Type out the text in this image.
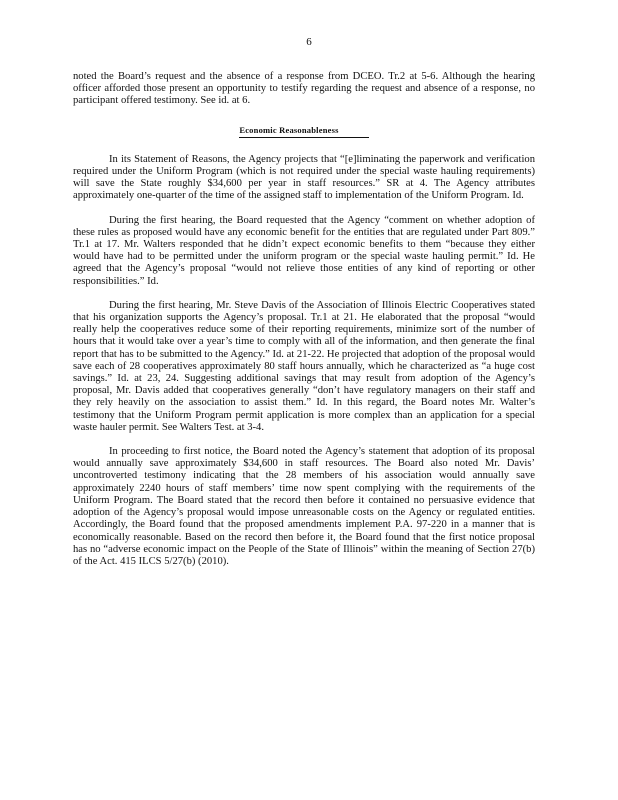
6

noted the Board’s request and the absence of a response from DCEO. Tr.2 at 5-6. Although the hearing officer afforded those present an opportunity to testify regarding the request and absence of a response, no participant offered testimony. See id. at 6.

Economic Reasonableness

In its Statement of Reasons, the Agency projects that “[e]liminating the paperwork and verification required under the Uniform Program (which is not required under the special waste hauling requirements) will save the State roughly $34,600 per year in staff resources.” SR at 4. The Agency attributes approximately one-quarter of the time of the assigned staff to implementation of the Uniform Program. Id.

During the first hearing, the Board requested that the Agency “comment on whether adoption of these rules as proposed would have any economic benefit for the entities that are regulated under Part 809.” Tr.1 at 17. Mr. Walters responded that he didn’t expect economic benefits to them “because they either would have had to be permitted under the uniform program or the special waste hauling permit.” Id. He agreed that the Agency’s proposal “would not relieve those entities of any kind of reporting or other responsibilities.” Id.

During the first hearing, Mr. Steve Davis of the Association of Illinois Electric Cooperatives stated that his organization supports the Agency’s proposal. Tr.1 at 21. He elaborated that the proposal “would really help the cooperatives reduce some of their reporting requirements, minimize sort of the number of hours that it would take over a year’s time to comply with all of the information, and then generate the final report that has to be submitted to the Agency.” Id. at 21-22. He projected that adoption of the proposal would save each of 28 cooperatives approximately 80 staff hours annually, which he characterized as “a huge cost savings.” Id. at 23, 24. Suggesting additional savings that may result from adoption of the Agency’s proposal, Mr. Davis added that cooperatives generally “don’t have regulatory managers on their staff and they rely heavily on the association to assist them.” Id. In this regard, the Board notes Mr. Walter’s testimony that the Uniform Program permit application is more complex than an application for a special waste hauler permit. See Walters Test. at 3-4.

In proceeding to first notice, the Board noted the Agency’s statement that adoption of its proposal would annually save approximately $34,600 in staff resources. The Board also noted Mr. Davis’ uncontroverted testimony indicating that the 28 members of his association would annually save approximately 2240 hours of staff members’ time now spent complying with the requirements of the Uniform Program. The Board stated that the record then before it contained no persuasive evidence that adoption of the Agency’s proposal would impose unreasonable costs on the Agency or regulated entities. Accordingly, the Board found that the proposed amendments implement P.A. 97-220 in a manner that is economically reasonable. Based on the record then before it, the Board found that the first notice proposal has no “adverse economic impact on the People of the State of Illinois” within the meaning of Section 27(b) of the Act. 415 ILCS 5/27(b) (2010).
